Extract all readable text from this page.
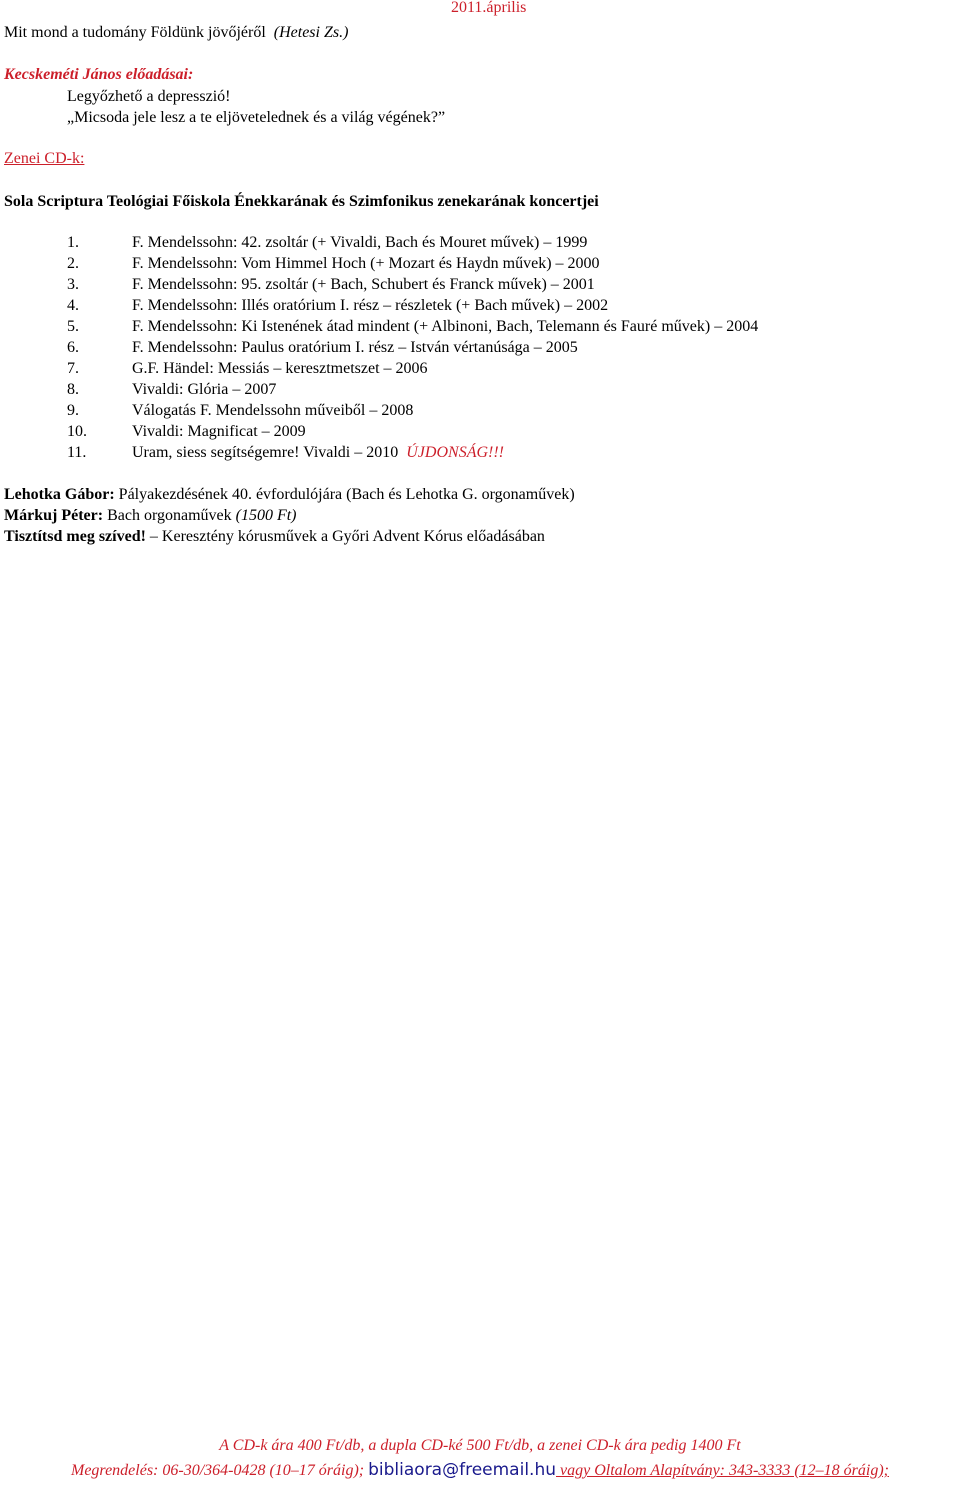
Mit mond a tudomány Földünk jövőjéről (Hetesi Zs.)
2011.április
Kecskeméti János előadásai:
Legyőzhető a depresszió!
„Micsoda jele lesz a te eljövetelednek és a világ végének?”
Zenei CD-k:
Sola Scriptura Teológiai Főiskola Énekkarának és Szimfonikus zenekarának koncertjei
1.	F. Mendelssohn: 42. zsoltár (+ Vivaldi, Bach és Mouret művek) – 1999
2.	F. Mendelssohn: Vom Himmel Hoch (+ Mozart és Haydn művek) – 2000
3.	F. Mendelssohn: 95. zsoltár (+ Bach, Schubert és Franck művek) – 2001
4.	F. Mendelssohn: Illés oratórium I. rész – részletek (+ Bach művek) – 2002
5.	F. Mendelssohn: Ki Istenének átad mindent (+ Albinoni, Bach, Telemann és Fauré művek) – 2004
6.	F. Mendelssohn: Paulus oratórium I. rész – István vértanúsága – 2005
7.	G.F. Händel: Messiás – keresztmetszet – 2006
8.	Vivaldi: Glória – 2007
9.	Válogatás F. Mendelssohn műveiből – 2008
10.	Vivaldi: Magnificat – 2009
11.	Uram, siess segítségemre! Vivaldi – 2010 ÚJDONSÁG!!!
Lehotka Gábor: Pályakezdésének 40. évfordulójára (Bach és Lehotka G. orgonaművek)
Márkuj Péter: Bach orgonaművek (1500 Ft)
Tisztítsd meg szíved! – Keresztény kórusművek a Győri Advent Kórus előadásában
A CD-k ára 400 Ft/db, a dupla CD-ké 500 Ft/db, a zenei CD-k ára pedig 1400 Ft
Megrendelés: 06-30/364-0428 (10–17 óráig); bibliaora@freemail.hu vagy Oltalom Alapítvány: 343-3333 (12–18 óráig);
